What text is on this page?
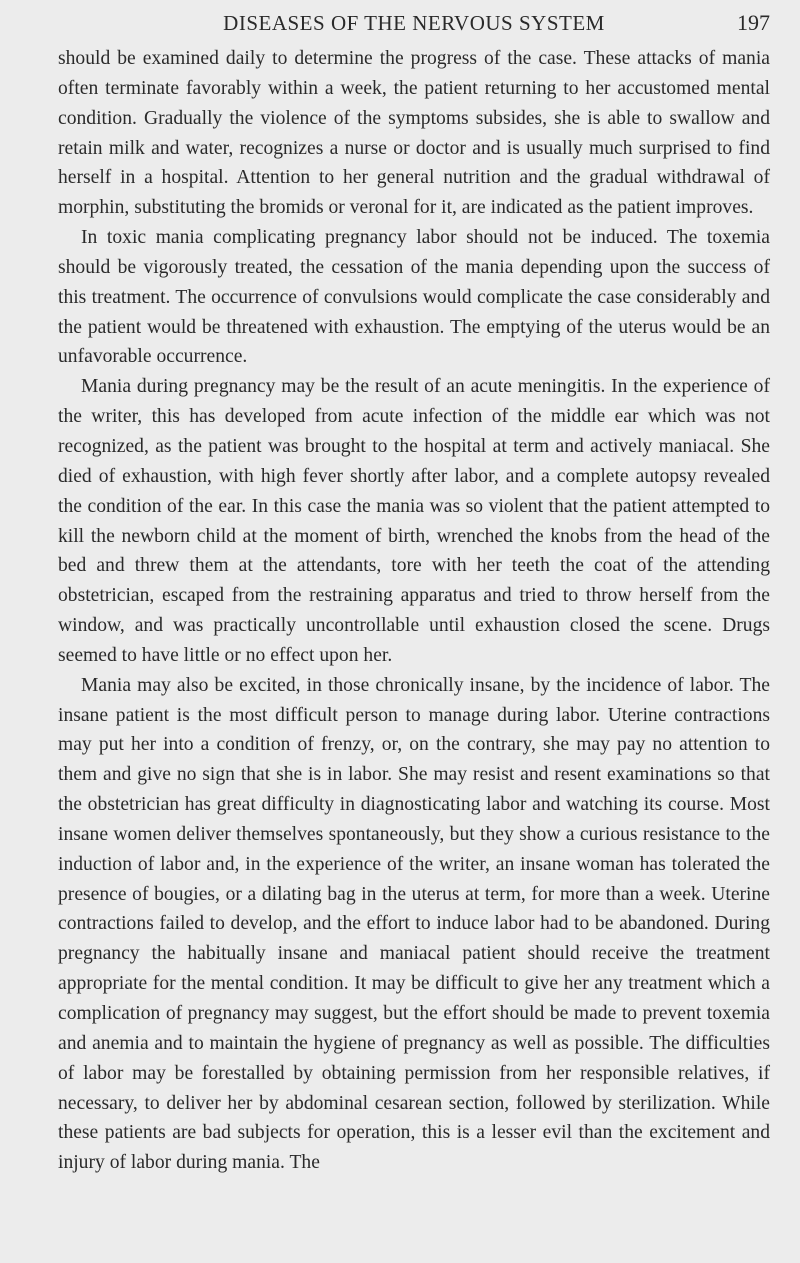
DISEASES OF THE NERVOUS SYSTEM	197

should be examined daily to determine the progress of the case. These attacks of mania often terminate favorably within a week, the patient returning to her accustomed mental condition. Gradually the violence of the symptoms subsides, she is able to swallow and retain milk and water, recognizes a nurse or doctor and is usually much surprised to find herself in a hospital. Attention to her general nutrition and the gradual withdrawal of morphin, substituting the bromids or veronal for it, are indicated as the patient improves.

In toxic mania complicating pregnancy labor should not be induced. The toxemia should be vigorously treated, the cessation of the mania depending upon the success of this treatment. The occurrence of convulsions would complicate the case considerably and the patient would be threatened with exhaustion. The emptying of the uterus would be an unfavorable occurrence.

Mania during pregnancy may be the result of an acute meningitis. In the experience of the writer, this has developed from acute infection of the middle ear which was not recognized, as the patient was brought to the hospital at term and actively maniacal. She died of exhaustion, with high fever shortly after labor, and a complete autopsy revealed the condition of the ear. In this case the mania was so violent that the patient attempted to kill the newborn child at the moment of birth, wrenched the knobs from the head of the bed and threw them at the attendants, tore with her teeth the coat of the attending obstetrician, escaped from the restraining apparatus and tried to throw herself from the window, and was practically uncontrollable until exhaustion closed the scene. Drugs seemed to have little or no effect upon her.

Mania may also be excited, in those chronically insane, by the incidence of labor. The insane patient is the most difficult person to manage during labor. Uterine contractions may put her into a condition of frenzy, or, on the contrary, she may pay no attention to them and give no sign that she is in labor. She may resist and resent examinations so that the obstetrician has great difficulty in diagnosticating labor and watching its course. Most insane women deliver themselves spontaneously, but they show a curious resistance to the induction of labor and, in the experience of the writer, an insane woman has tolerated the presence of bougies, or a dilating bag in the uterus at term, for more than a week. Uterine contractions failed to develop, and the effort to induce labor had to be abandoned. During pregnancy the habitually insane and maniacal patient should receive the treatment appropriate for the mental condition. It may be difficult to give her any treatment which a complication of pregnancy may suggest, but the effort should be made to prevent toxemia and anemia and to maintain the hygiene of pregnancy as well as possible. The difficulties of labor may be forestalled by obtaining permission from her responsible relatives, if necessary, to deliver her by abdominal cesarean section, followed by sterilization. While these patients are bad subjects for operation, this is a lesser evil than the excitement and injury of labor during mania. The
